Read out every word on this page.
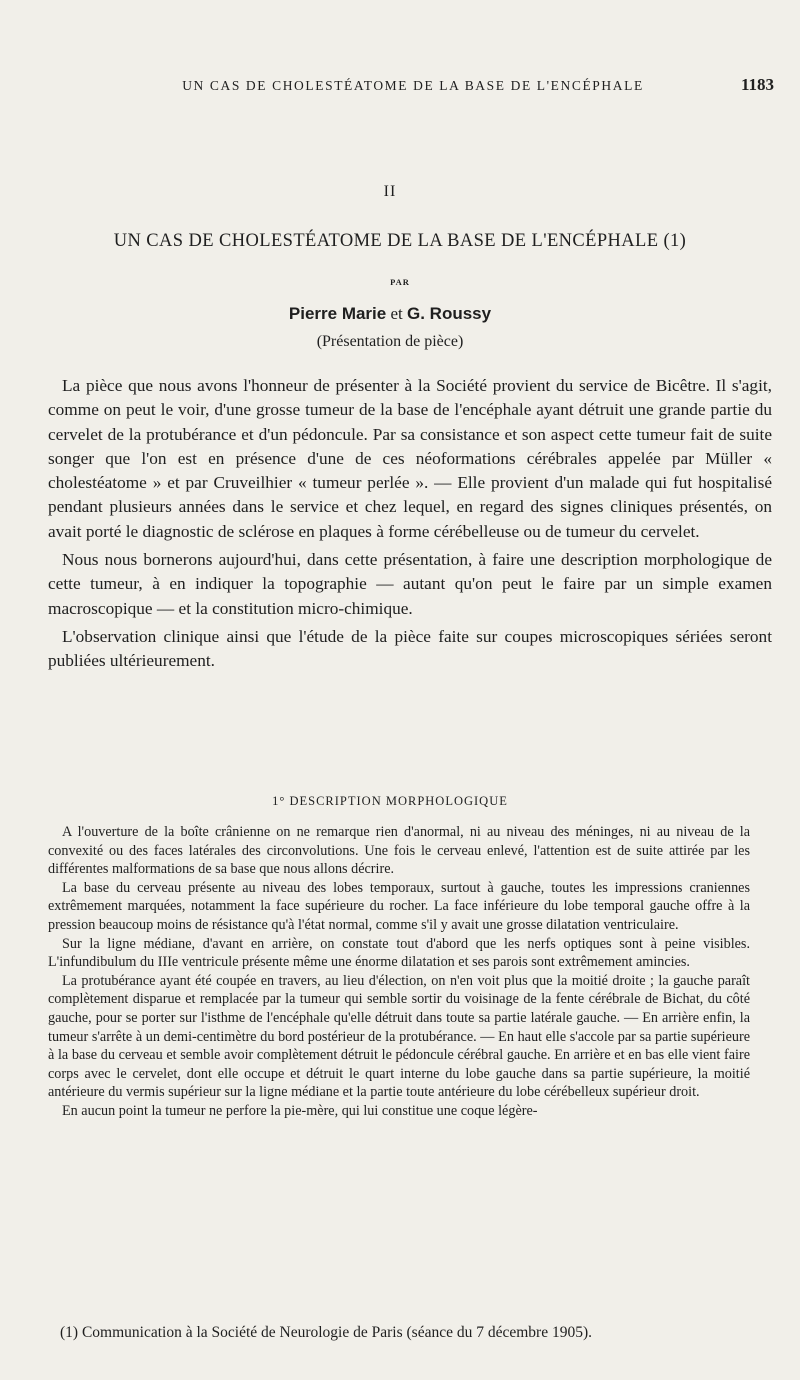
UN CAS DE CHOLESTÉATOME DE LA BASE DE L'ENCÉPHALE	1183
II
UN CAS DE CHOLESTÉATOME DE LA BASE DE L'ENCÉPHALE (1)
PAR
Pierre Marie et G. Roussy
(Présentation de pièce)

La pièce que nous avons l'honneur de présenter à la Société provient du service de Bicêtre. Il s'agit, comme on peut le voir, d'une grosse tumeur de la base de l'encéphale ayant détruit une grande partie du cervelet de la protubérance et d'un pédoncule. Par sa consistance et son aspect cette tumeur fait de suite songer que l'on est en présence d'une de ces néoformations cérébrales appelée par Müller « cholestéatome » et par Cruveilhier « tumeur perlée ». — Elle provient d'un malade qui fut hospitalisé pendant plusieurs années dans le service et chez lequel, en regard des signes cliniques présentés, on avait porté le diagnostic de sclérose en plaques à forme cérébelleuse ou de tumeur du cervelet.

Nous nous bornerons aujourd'hui, dans cette présentation, à faire une description morphologique de cette tumeur, à en indiquer la topographie — autant qu'on peut le faire par un simple examen macroscopique — et la constitution micro-chimique.

L'observation clinique ainsi que l'étude de la pièce faite sur coupes microscopiques sériées seront publiées ultérieurement.

1° DESCRIPTION MORPHOLOGIQUE

A l'ouverture de la boîte crânienne on ne remarque rien d'anormal, ni au niveau des méninges, ni au niveau de la convexité ou des faces latérales des circonvolutions. Une fois le cerveau enlevé, l'attention est de suite attirée par les différentes malformations de sa base que nous allons décrire.

La base du cerveau présente au niveau des lobes temporaux, surtout à gauche, toutes les impressions craniennes extrêmement marquées, notamment la face supérieure du rocher. La face inférieure du lobe temporal gauche offre à la pression beaucoup moins de résistance qu'à l'état normal, comme s'il y avait une grosse dilatation ventriculaire.

Sur la ligne médiane, d'avant en arrière, on constate tout d'abord que les nerfs optiques sont à peine visibles. L'infundibulum du IIIe ventricule présente même une énorme dilatation et ses parois sont extrêmement amincies.

La protubérance ayant été coupée en travers, au lieu d'élection, on n'en voit plus que la moitié droite ; la gauche paraît complètement disparue et remplacée par la tumeur qui semble sortir du voisinage de la fente cérébrale de Bichat, du côté gauche, pour se porter sur l'isthme de l'encéphale qu'elle détruit dans toute sa partie latérale gauche. — En arrière enfin, la tumeur s'arrête à un demi-centimètre du bord postérieur de la protubérance. — En haut elle s'accole par sa partie supérieure à la base du cerveau et semble avoir complètement détruit le pédoncule cérébral gauche. En arrière et en bas elle vient faire corps avec le cervelet, dont elle occupe et détruit le quart interne du lobe gauche dans sa partie supérieure, la moitié antérieure du vermis supérieur sur la ligne médiane et la partie toute antérieure du lobe cérébelleux supérieur droit.

En aucun point la tumeur ne perfore la pie-mère, qui lui constitue une coque légère-

(1) Communication à la Société de Neurologie de Paris (séance du 7 décembre 1905).
